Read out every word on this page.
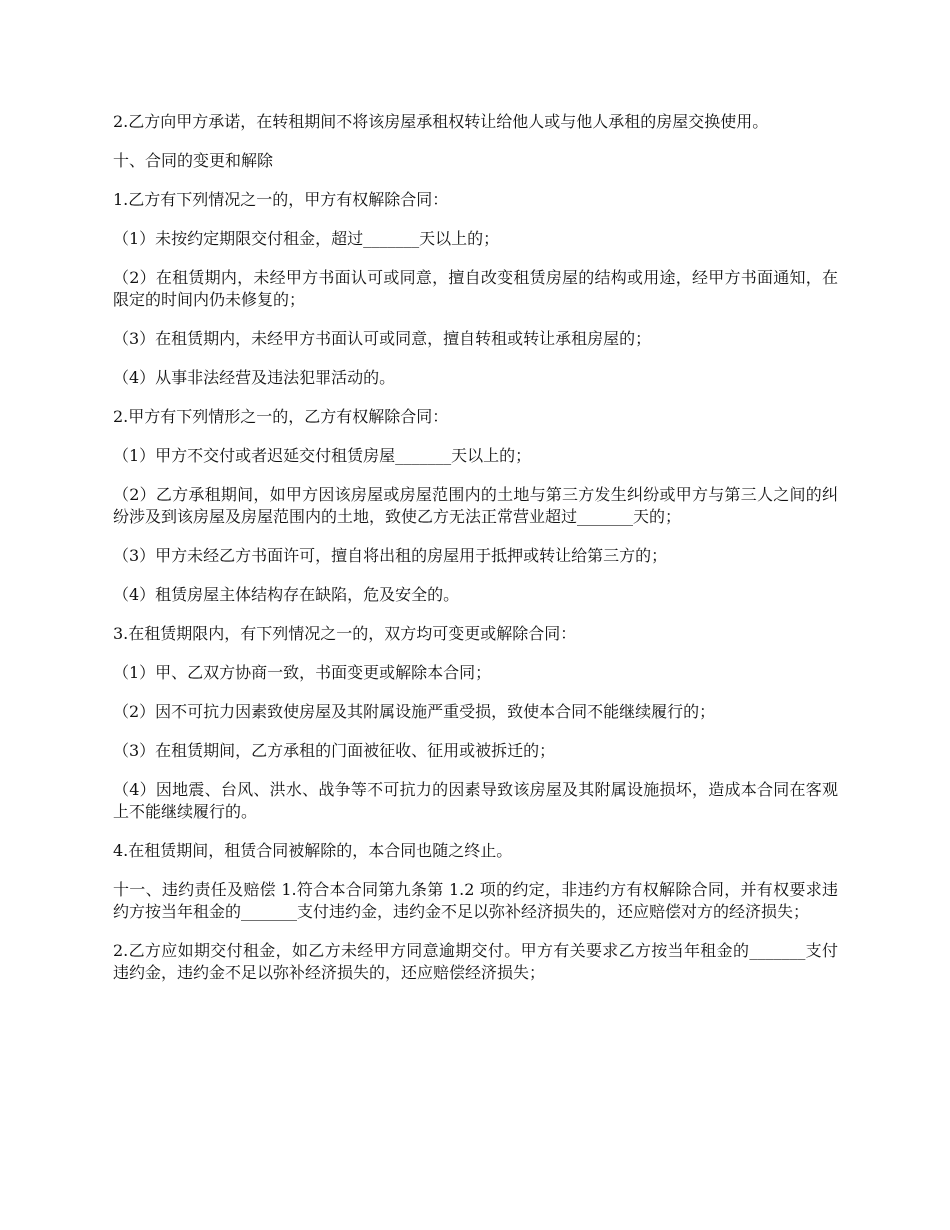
2.乙方向甲方承诺，在转租期间不将该房屋承租权转让给他人或与他人承租的房屋交换使用。

十、合同的变更和解除

1.乙方有下列情况之一的，甲方有权解除合同：

（1）未按约定期限交付租金，超过_______天以上的；

（2）在租赁期内，未经甲方书面认可或同意，擅自改变租赁房屋的结构或用途，经甲方书面通知，在限定的时间内仍未修复的；

（3）在租赁期内，未经甲方书面认可或同意，擅自转租或转让承租房屋的；

（4）从事非法经营及违法犯罪活动的。

2.甲方有下列情形之一的，乙方有权解除合同：

（1）甲方不交付或者迟延交付租赁房屋_______天以上的；

（2）乙方承租期间，如甲方因该房屋或房屋范围内的土地与第三方发生纠纷或甲方与第三人之间的纠纷涉及到该房屋及房屋范围内的土地，致使乙方无法正常营业超过_______天的；

（3）甲方未经乙方书面许可，擅自将出租的房屋用于抵押或转让给第三方的；

（4）租赁房屋主体结构存在缺陷，危及安全的。

3.在租赁期限内，有下列情况之一的，双方均可变更或解除合同：

（1）甲、乙双方协商一致，书面变更或解除本合同；

（2）因不可抗力因素致使房屋及其附属设施严重受损，致使本合同不能继续履行的；

（3）在租赁期间，乙方承租的门面被征收、征用或被拆迁的；

（4）因地震、台风、洪水、战争等不可抗力的因素导致该房屋及其附属设施损坏，造成本合同在客观上不能继续履行的。

4.在租赁期间，租赁合同被解除的，本合同也随之终止。

十一、违约责任及赔偿 1.符合本合同第九条第 1.2 项的约定，非违约方有权解除合同，并有权要求违约方按当年租金的_______支付违约金，违约金不足以弥补经济损失的，还应赔偿对方的经济损失；

2.乙方应如期交付租金，如乙方未经甲方同意逾期交付。甲方有关要求乙方按当年租金的_______支付违约金，违约金不足以弥补经济损失的，还应赔偿经济损失；
